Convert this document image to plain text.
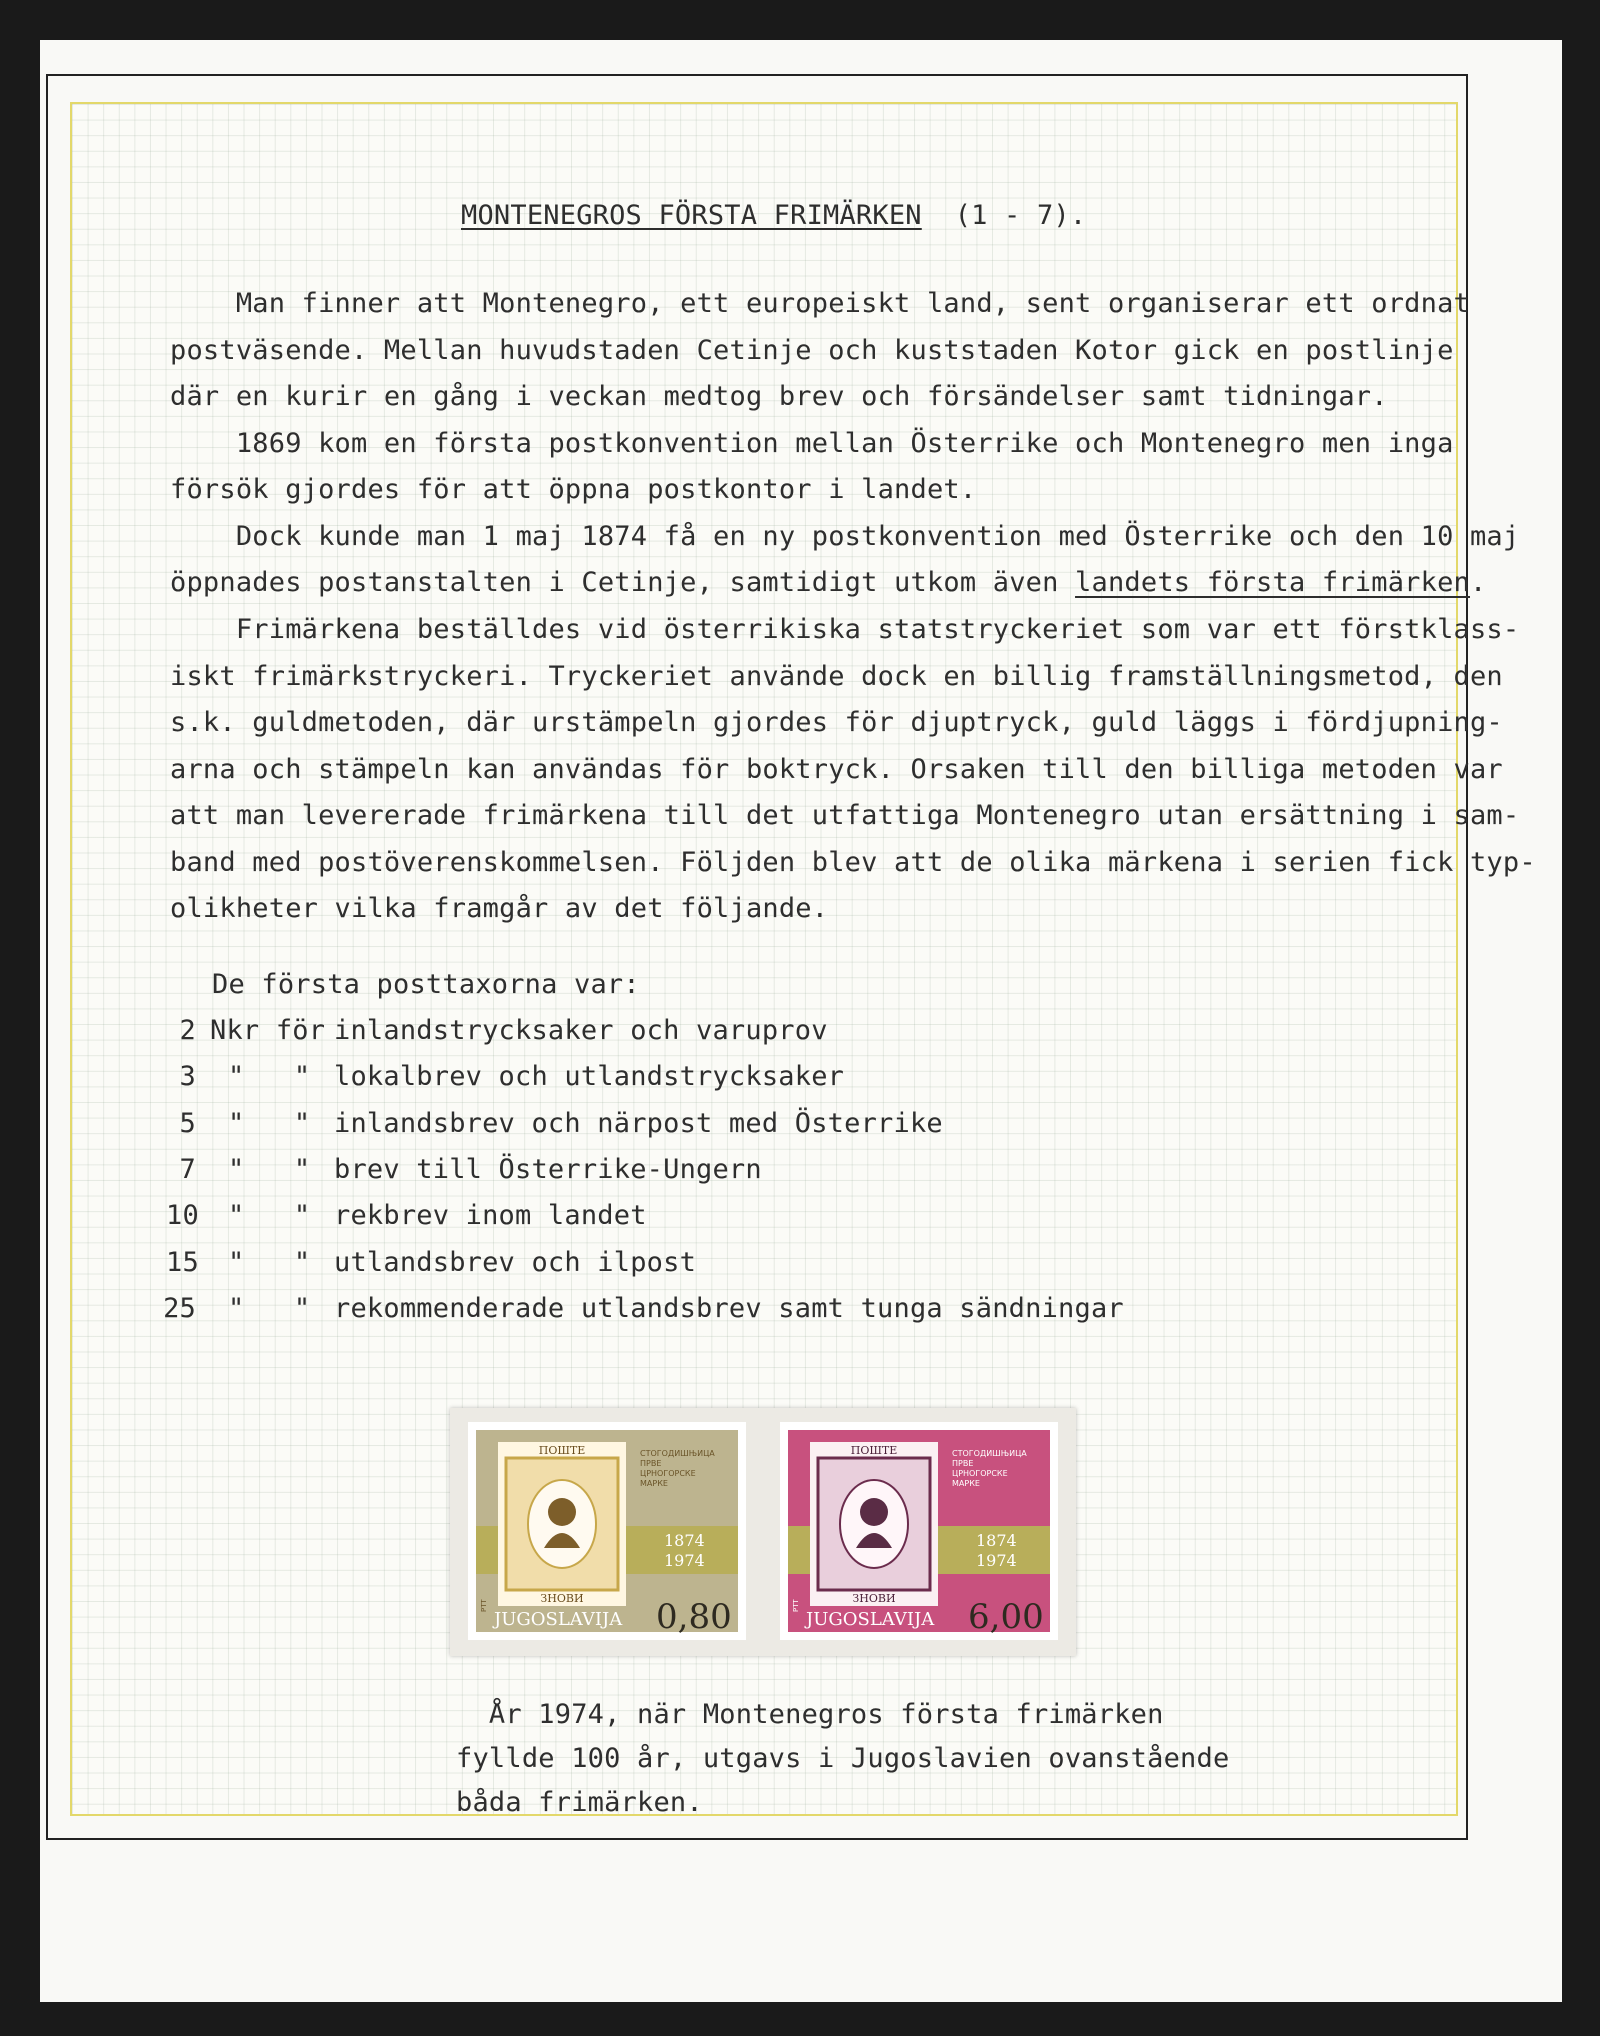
MONTENEGROS FÖRSTA FRIMÄRKEN (1 - 7).
Man finner att Montenegro, ett europeiskt land, sent organiserar ett ordnat
postväsende. Mellan huvudstaden Cetinje och kuststaden Kotor gick en postlinje
där en kurir en gång i veckan medtog brev och försändelser samt tidningar.
1869 kom en första postkonvention mellan Österrike och Montenegro men inga
försök gjordes för att öppna postkontor i landet.
Dock kunde man 1 maj 1874 få en ny postkonvention med Österrike och den 10 maj
öppnades postanstalten i Cetinje, samtidigt utkom även landets första frimärken.
Frimärkena beställdes vid österrikiska statstryckeriet som var ett förstklass-
iskt frimärkstryckeri. Tryckeriet använde dock en billig framställningsmetod, den
s.k. guldmetoden, där urstämpeln gjordes för djuptryck, guld läggs i fördjupning-
arna och stämpeln kan användas för boktryck. Orsaken till den billiga metoden var
att man levererade frimärkena till det utfattiga Montenegro utan ersättning i sam-
band med postöverenskommelsen. Följden blev att de olika märkena i serien fick typ-
olikheter vilka framgår av det följande.
De första posttaxorna var:
2 Nkr för inlandstrycksaker och varuprov
3 "   " lokalbrev och utlandstrycksaker
5 "   " inlandsbrev och närpost med Österrike
7 "   " brev till Österrike-Ungern
10 "   " rekbrev inom landet
15 "   " utlandsbrev och ilpost
25 "   " rekommenderade utlandsbrev samt tunga sändningar
ПОШТЕ
ЗНОВИ
СТОГОДИШЊИЦА
ПРВЕ
ЦРНОГОРСКЕ
МАРКЕ
1874
1974
JUGOSLAVIJA 0,80
PTT
ПОШТЕ
ЗНОВИ
СТОГОДИШЊИЦА
ПРВЕ
ЦРНОГОРСКЕ
МАРКЕ
1874
1974
JUGOSLAVIJA 6,00
PTT
År 1974, när Montenegros första frimärken
fyllde 100 år, utgavs i Jugoslavien ovanstående
båda frimärken.
